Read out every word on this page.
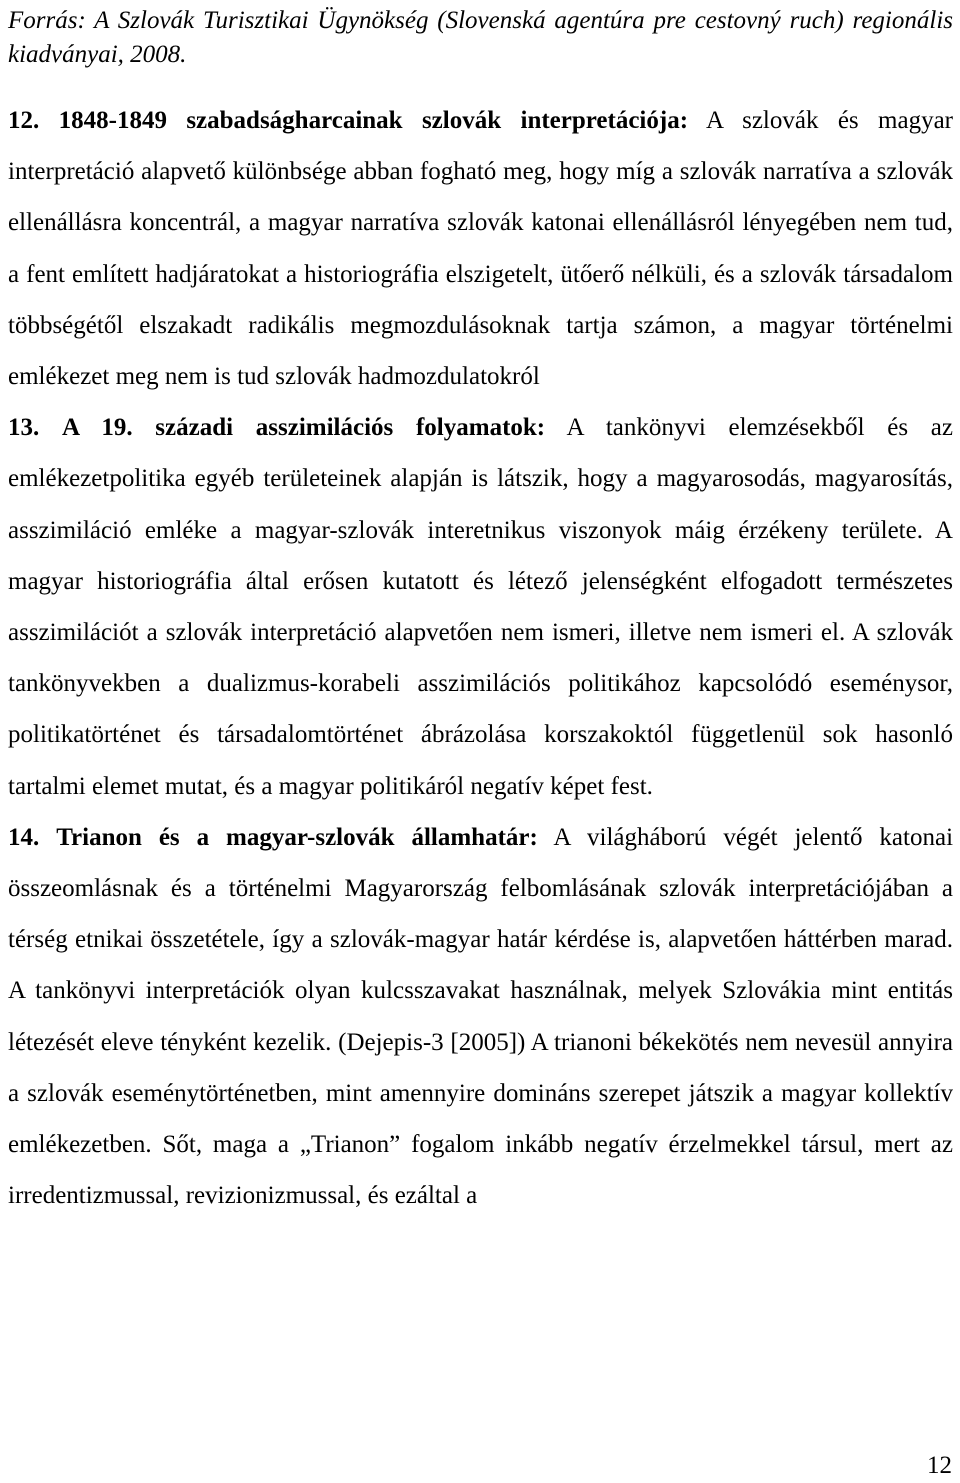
Forrás: A Szlovák Turisztikai Ügynökség (Slovenská agentúra pre cestovný ruch) regionális kiadványai, 2008.

12. 1848-1849 szabadságharcainak szlovák interpretációja: A szlovák és magyar interpretáció alapvető különbsége abban fogható meg, hogy míg a szlovák narratíva a szlovák ellenállásra koncentrál, a magyar narratíva szlovák katonai ellenállásról lényegében nem tud, a fent említett hadjáratokat a historiográfia elszigetelt, ütőerő nélküli, és a szlovák társadalom többségétől elszakadt radikális megmozdulásoknak tartja számon, a magyar történelmi emlékezet meg nem is tud szlovák hadmozdulatokról

13. A 19. századi asszimilációs folyamatok: A tankönyvi elemzésekből és az emlékezetpolitika egyéb területeinek alapján is látszik, hogy a magyarosodás, magyarosítás, asszimiláció emléke a magyar-szlovák interetnikus viszonyok máig érzékeny területe. A magyar historiográfia által erősen kutatott és létező jelenségként elfogadott természetes asszimilációt a szlovák interpretáció alapvetően nem ismeri, illetve nem ismeri el. A szlovák tankönyvekben a dualizmus-korabeli asszimilációs politikához kapcsolódó eseménysor, politikatörténet és társadalomtörténet ábrázolása korszakoktól függetlenül sok hasonló tartalmi elemet mutat, és a magyar politikáról negatív képet fest.

14. Trianon és a magyar-szlovák államhatár: A világháború végét jelentő katonai összeomlásnak és a történelmi Magyarország felbomlásának szlovák interpretációjában a térség etnikai összetétele, így a szlovák-magyar határ kérdése is, alapvetően háttérben marad. A tankönyvi interpretációk olyan kulcsszavakat használnak, melyek Szlovákia mint entitás létezését eleve tényként kezelik. (Dejepis-3 [2005]) A trianoni békekötés nem nevesül annyira a szlovák eseménytörténetben, mint amennyire domináns szerepet játszik a magyar kollektív emlékezetben. Sőt, maga a „Trianon” fogalom inkább negatív érzelmekkel társul, mert az irredentizmussal, revizionizmussal, és ezáltal a

12
